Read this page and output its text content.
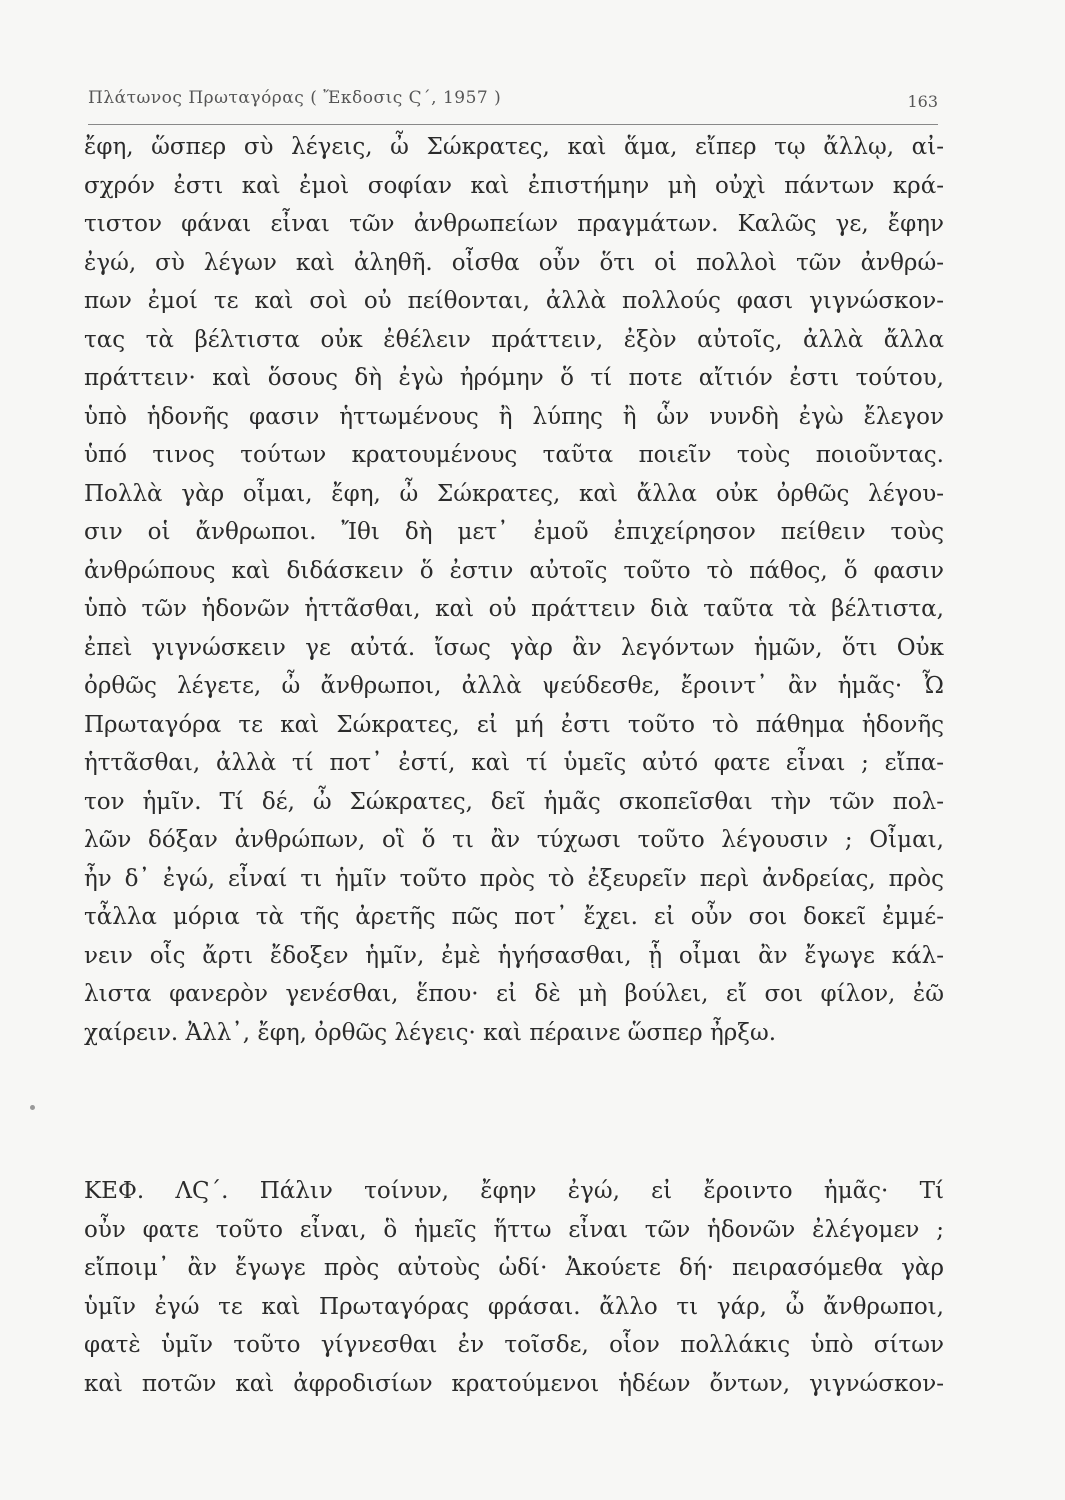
Πλάτωνος Πρωταγόρας ( Ἔκδοσις Ϛ΄, 1957 )	163
ἔφη, ὥσπερ σὺ λέγεις, ὦ Σώκρατες, καὶ ἅμα, εἴπερ τῳ ἄλλῳ, αἰ-
σχρόν ἐστι καὶ ἐμοὶ σοφίαν καὶ ἐπιστήμην μὴ οὐχὶ πάντων κρά-
τιστον φάναι εἶναι τῶν ἀνθρωπείων πραγμάτων. Καλῶς γε, ἔφην
ἐγώ, σὺ λέγων καὶ ἀληθῆ. οἶσθα οὖν ὅτι οἱ πολλοὶ τῶν ἀνθρώ-
πων ἐμοί τε καὶ σοὶ οὐ πείθονται, ἀλλὰ πολλούς φασι γιγνώσκον-
τας τὰ βέλτιστα οὐκ ἐθέλειν πράττειν, ἐξὸν αὐτοῖς, ἀλλὰ ἄλλα
πράττειν· καὶ ὅσους δὴ ἐγὼ ἠρόμην ὅ τί ποτε αἴτιόν ἐστι τούτου,
ὑπὸ ἡδονῆς φασιν ἡττωμένους ἢ λύπης ἢ ὧν νυνδὴ ἐγὼ ἔλεγον
ὑπό τινος τούτων κρατουμένους ταῦτα ποιεῖν τοὺς ποιοῦντας.
Πολλὰ γὰρ οἶμαι, ἔφη, ὦ Σώκρατες, καὶ ἄλλα οὐκ ὀρθῶς λέγου-
σιν οἱ ἄνθρωποι. Ἴθι δὴ μετ᾽ ἐμοῦ ἐπιχείρησον πείθειν τοὺς
ἀνθρώπους καὶ διδάσκειν ὅ ἐστιν αὐτοῖς τοῦτο τὸ πάθος, ὅ φασιν
ὑπὸ τῶν ἡδονῶν ἡττᾶσθαι, καὶ οὐ πράττειν διὰ ταῦτα τὰ βέλτιστα,
ἐπεὶ γιγνώσκειν γε αὐτά. ἴσως γὰρ ἂν λεγόντων ἡμῶν, ὅτι Οὐκ
ὀρθῶς λέγετε, ὦ ἄνθρωποι, ἀλλὰ ψεύδεσθε, ἔροιντ᾽ ἂν ἡμᾶς· Ὦ
Πρωταγόρα τε καὶ Σώκρατες, εἰ μή ἐστι τοῦτο τὸ πάθημα ἡδονῆς
ἡττᾶσθαι, ἀλλὰ τί ποτ᾽ ἐστί, καὶ τί ὑμεῖς αὐτό φατε εἶναι ; εἴπα-
τον ἡμῖν. Τί δέ, ὦ Σώκρατες, δεῖ ἡμᾶς σκοπεῖσθαι τὴν τῶν πολ-
λῶν δόξαν ἀνθρώπων, οἳ ὅ τι ἂν τύχωσι τοῦτο λέγουσιν ; Οἶμαι,
ἦν δ᾽ ἐγώ, εἶναί τι ἡμῖν τοῦτο πρὸς τὸ ἐξευρεῖν περὶ ἀνδρείας, πρὸς
τἆλλα μόρια τὰ τῆς ἀρετῆς πῶς ποτ᾽ ἔχει. εἰ οὖν σοι δοκεῖ ἐμμέ-
νειν οἷς ἄρτι ἔδοξεν ἡμῖν, ἐμὲ ἡγήσασθαι, ᾗ οἶμαι ἂν ἔγωγε κάλ-
λιστα φανερὸν γενέσθαι, ἕπου· εἰ δὲ μὴ βούλει, εἴ σοι φίλον, ἐῶ
χαίρειν. Ἀλλ᾽, ἔφη, ὀρθῶς λέγεις· καὶ πέραινε ὥσπερ ἦρξω.
ΚΕΦ. ΛϚ΄. Πάλιν τοίνυν, ἔφην ἐγώ, εἰ ἔροιντο ἡμᾶς· Τί
οὖν φατε τοῦτο εἶναι, ὃ ἡμεῖς ἥττω εἶναι τῶν ἡδονῶν ἐλέγομεν ;
εἴποιμ᾽ ἂν ἔγωγε πρὸς αὐτοὺς ὡδί· Ἀκούετε δή· πειρασόμεθα γὰρ
ὑμῖν ἐγώ τε καὶ Πρωταγόρας φράσαι. ἄλλο τι γάρ, ὦ ἄνθρωποι,
φατὲ ὑμῖν τοῦτο γίγνεσθαι ἐν τοῖσδε, οἷον πολλάκις ὑπὸ σίτων
καὶ ποτῶν καὶ ἀφροδισίων κρατούμενοι ἡδέων ὄντων, γιγνώσκον-
